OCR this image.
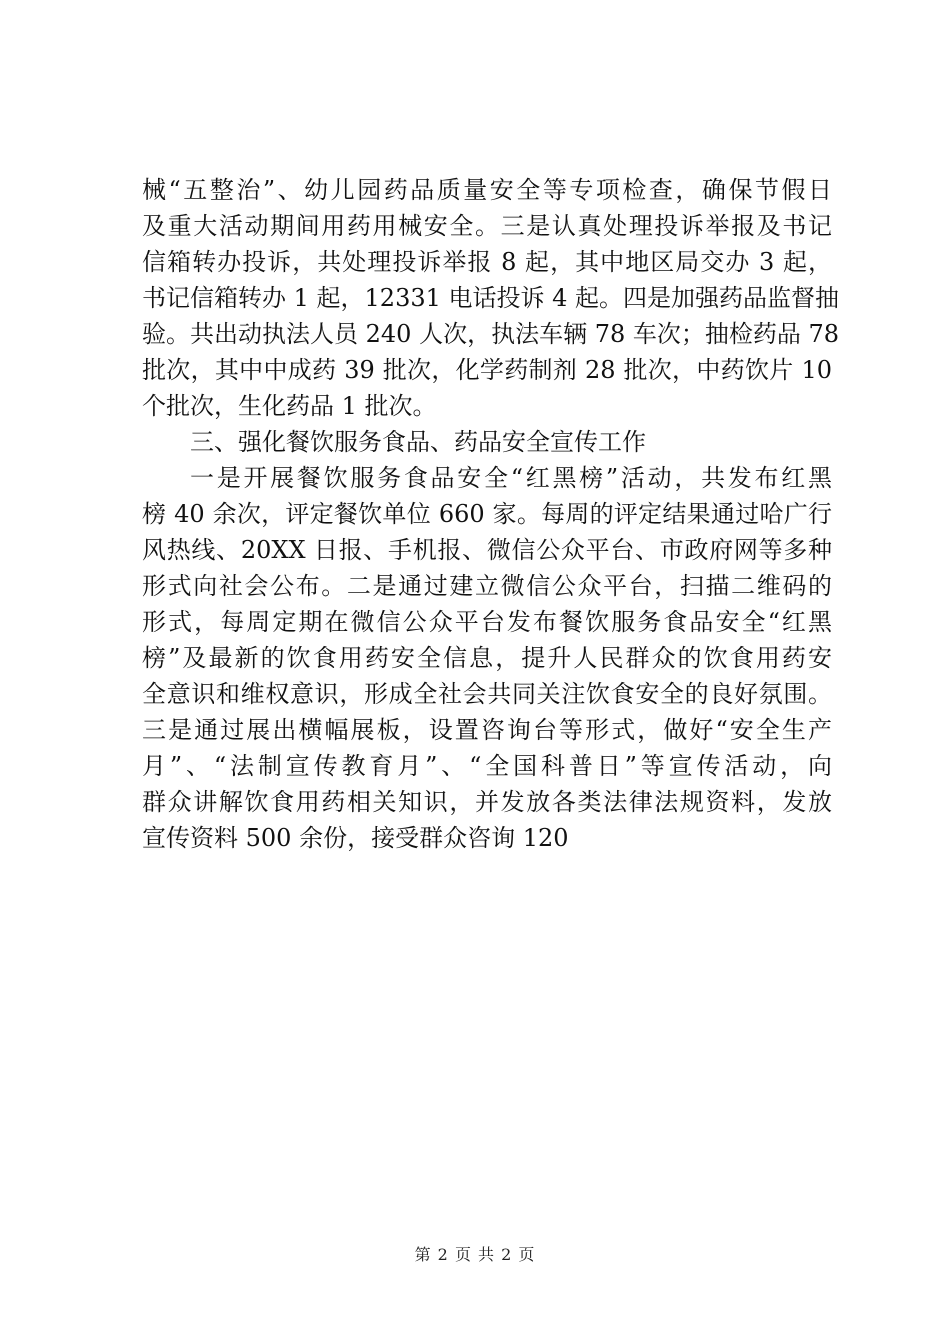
械“五整治”、幼儿园药品质量安全等专项检查，确保节假日
及重大活动期间用药用械安全。三是认真处理投诉举报及书记
信箱转办投诉，共处理投诉举报 8 起，其中地区局交办 3 起，
书记信箱转办 1 起，12331 电话投诉 4 起。四是加强药品监督抽
验。共出动执法人员 240 人次，执法车辆 78 车次；抽检药品 78
批次，其中中成药 39 批次，化学药制剂 28 批次，中药饮片 10
个批次，生化药品 1 批次。
三、强化餐饮服务食品、药品安全宣传工作
一是开展餐饮服务食品安全“红黑榜”活动，共发布红黑
榜 40 余次，评定餐饮单位 660 家。每周的评定结果通过哈广行
风热线、20XX 日报、手机报、微信公众平台、市政府网等多种
形式向社会公布。二是通过建立微信公众平台，扫描二维码的
形式，每周定期在微信公众平台发布餐饮服务食品安全“红黑
榜”及最新的饮食用药安全信息，提升人民群众的饮食用药安
全意识和维权意识，形成全社会共同关注饮食安全的良好氛围。
三是通过展出横幅展板，设置咨询台等形式，做好“安全生产
月”、“法制宣传教育月”、“全国科普日”等宣传活动，向
群众讲解饮食用药相关知识，并发放各类法律法规资料，发放
宣传资料 500 余份，接受群众咨询 120
第 2 页 共 2 页
